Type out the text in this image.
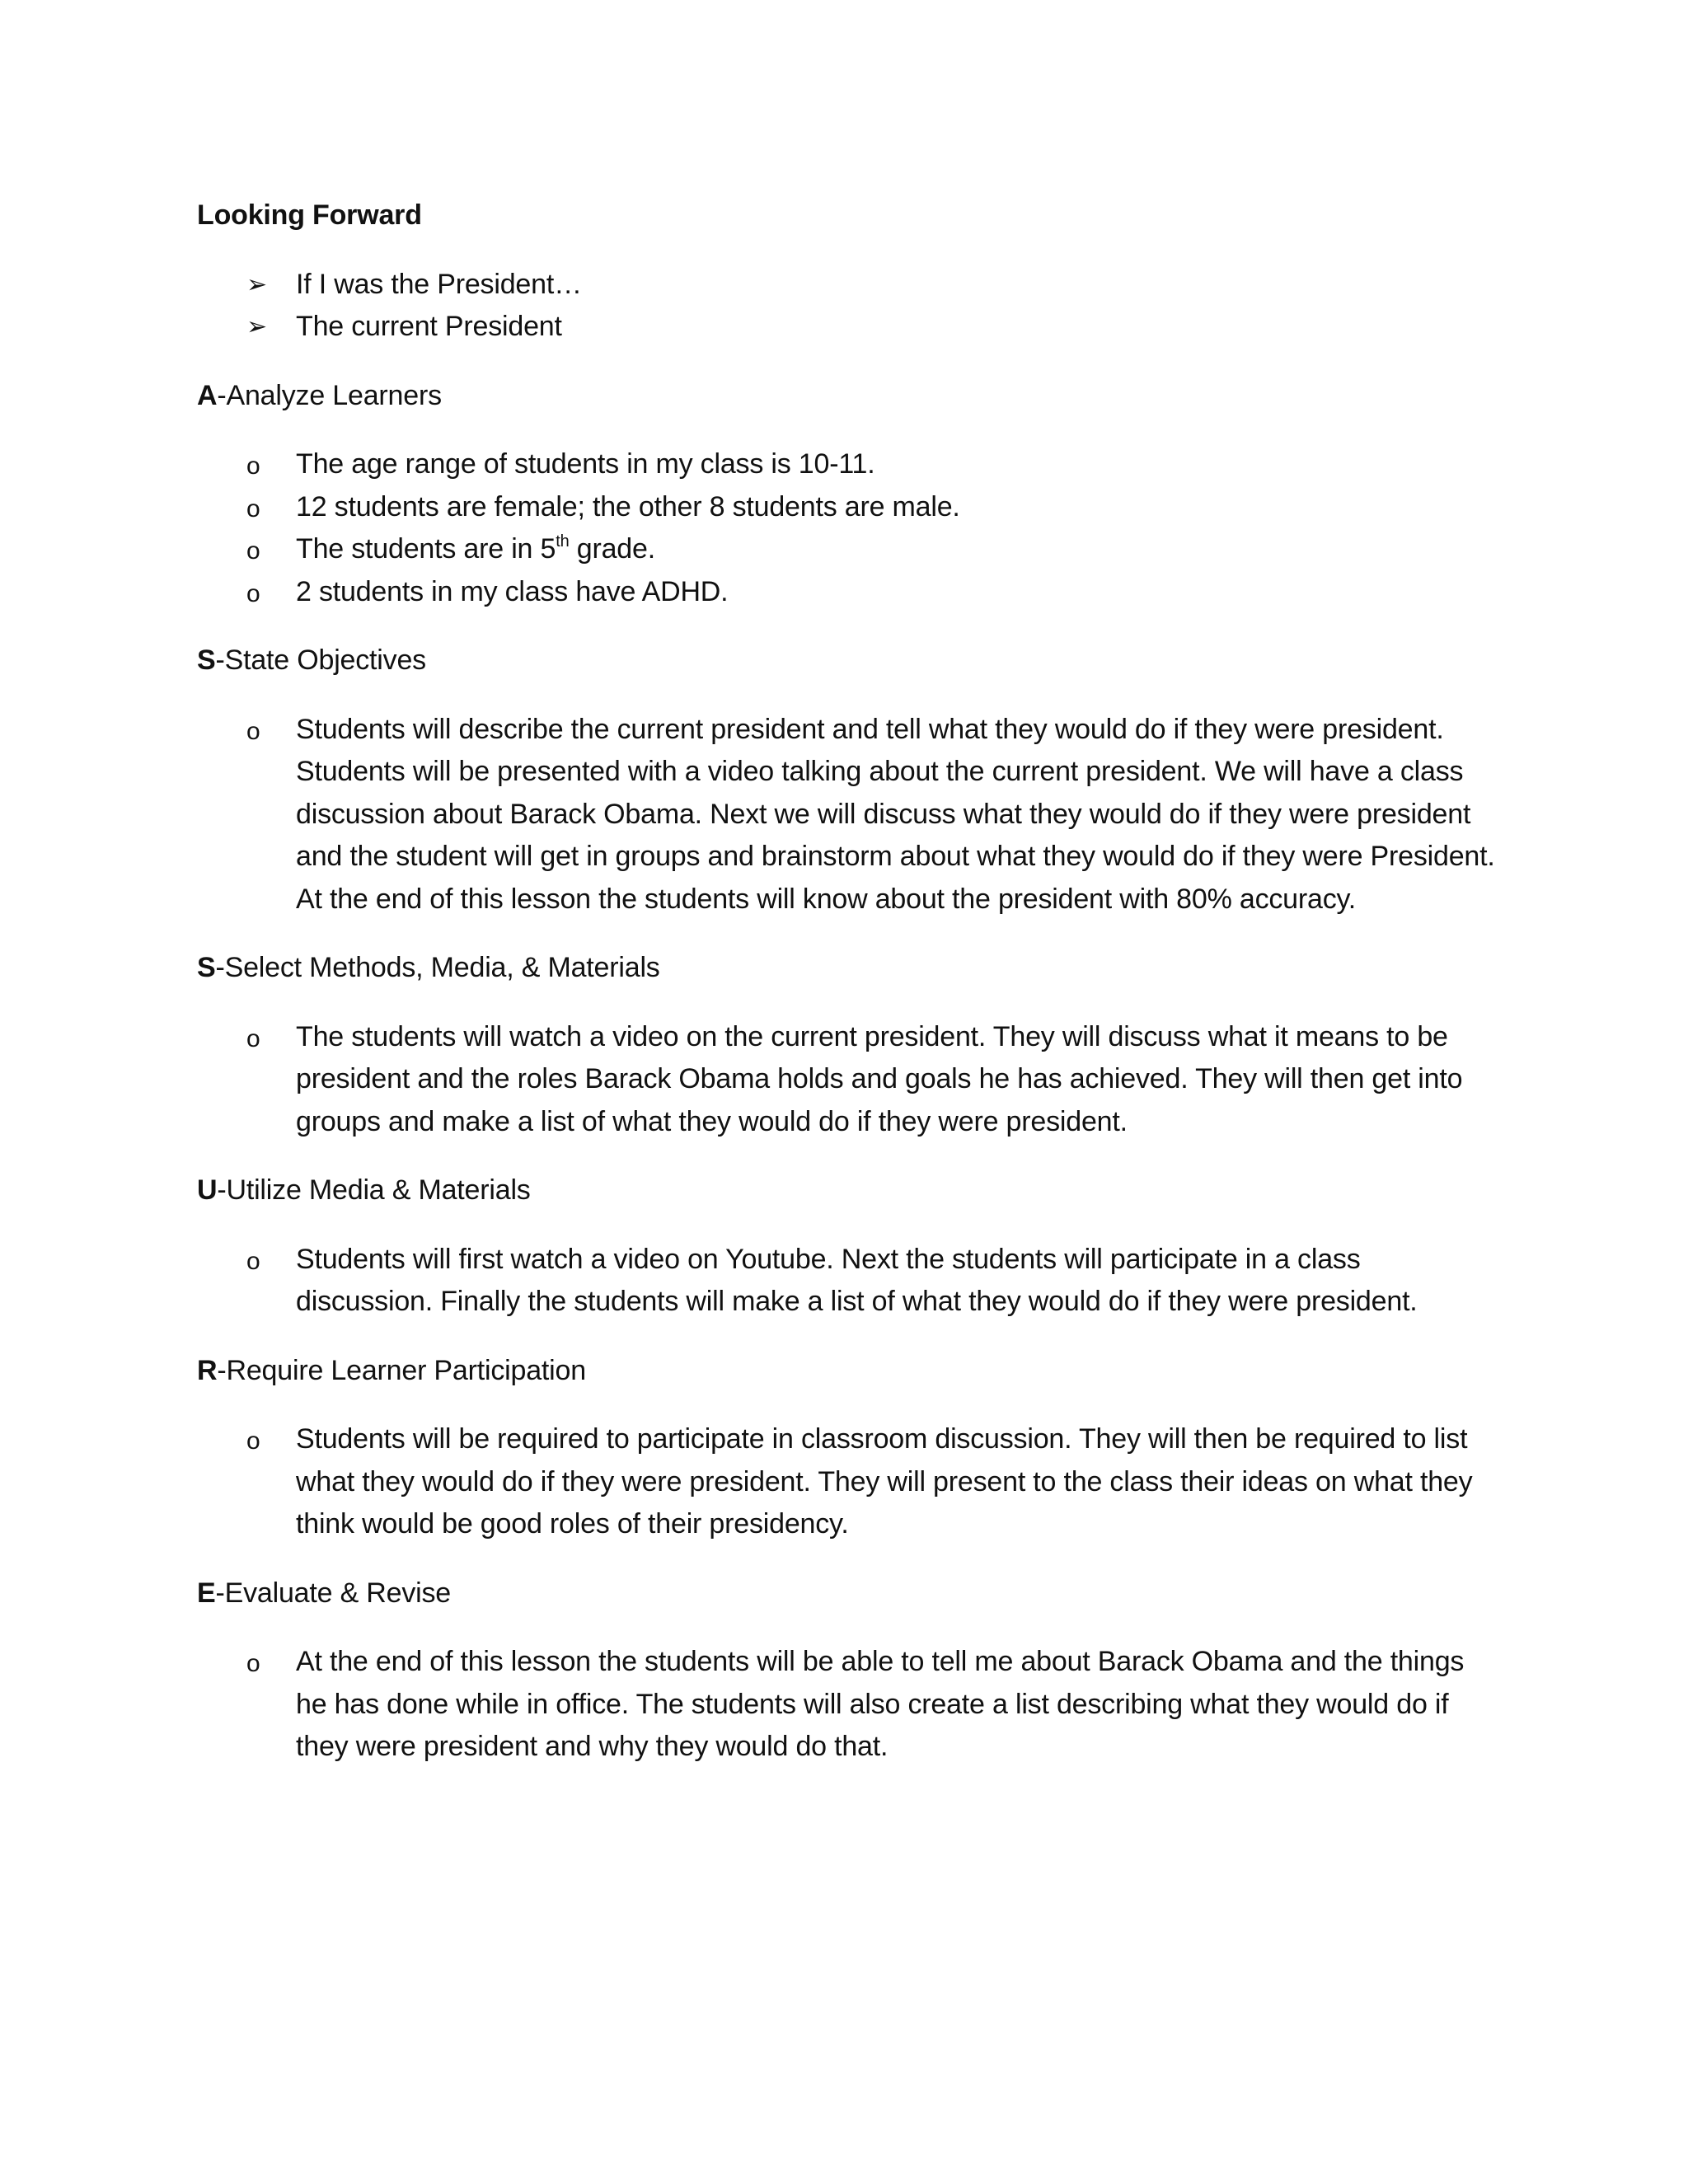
Looking Forward
➢	If I was the President…
➢	The current President
A-Analyze Learners
o	The age range of students in my class is 10-11.
o	12 students are female; the other 8 students are male.
o	The students are in 5th grade.
o	2 students in my class have ADHD.
S-State Objectives
o	Students will describe the current president and tell what they would do if they were president. Students will be presented with a video talking about the current president. We will have a class discussion about Barack Obama. Next we will discuss what they would do if they were president and the student will get in groups and brainstorm about what they would do if they were President. At the end of this lesson the students will know about the president with 80% accuracy.
S-Select Methods, Media, & Materials
o	The students will watch a video on the current president. They will discuss what it means to be president and the roles Barack Obama holds and goals he has achieved. They will then get into groups and make a list of what they would do if they were president.
U-Utilize Media & Materials
o	Students will first watch a video on Youtube. Next the students will participate in a class discussion. Finally the students will make a list of what they would do if they were president.
R-Require Learner Participation
o	Students will be required to participate in classroom discussion. They will then be required to list what they would do if they were president. They will present to the class their ideas on what they think would be good roles of their presidency.
E-Evaluate & Revise
o	At the end of this lesson the students will be able to tell me about Barack Obama and the things he has done while in office. The students will also create a list describing what they would do if they were president and why they would do that.
